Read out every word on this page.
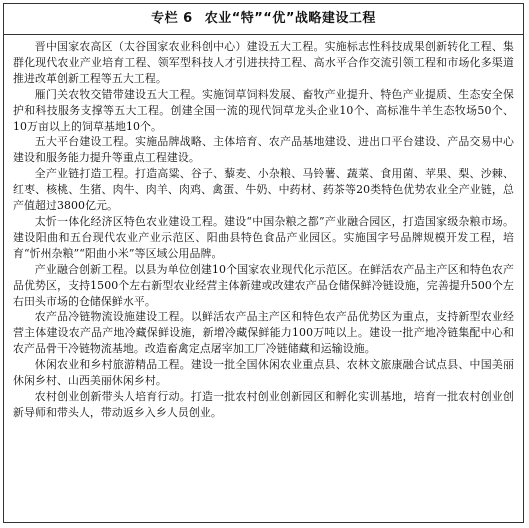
专栏 6 农业“特”“优”战略建设工程

晋中国家农高区（太谷国家农业科创中心）建设五大工程。实施标志性科技成果创新转化工程、集群化现代农业产业培育工程、领军型科技人才引进扶持工程、高水平合作交流引领工程和市场化多渠道推进改革创新工程等五大工程。

雁门关农牧交错带建设五大工程。实施饲草饲料发展、畜牧产业提升、特色产业提质、生态安全保护和科技服务支撑等五大工程。创建全国一流的现代饲草龙头企业10个、高标准牛羊生态牧场50个、10万亩以上的饲草基地10个。

五大平台建设工程。实施品牌战略、主体培育、农产品基地建设、进出口平台建设、产品交易中心建设和服务能力提升等重点工程建设。

全产业链打造工程。打造高粱、谷子、藜麦、小杂粮、马铃薯、蔬菜、食用菌、苹果、梨、沙棘、红枣、核桃、生猪、肉牛、肉羊、肉鸡、禽蛋、牛奶、中药材、药茶等20类特色优势农业全产业链，总产值超过3800亿元。

太忻一体化经济区特色农业建设工程。建设“中国杂粮之都”产业融合园区，打造国家级杂粮市场。建设阳曲和五台现代农业产业示范区、阳曲县特色食品产业园区。实施国字号品牌规模开发工程，培育“忻州杂粮”“阳曲小米”等区域公用品牌。

产业融合创新工程。以县为单位创建10个国家农业现代化示范区。在鲜活农产品主产区和特色农产品优势区，支持1500个左右新型农业经营主体新建或改建农产品仓储保鲜冷链设施，完善提升500个左右田头市场的仓储保鲜水平。

农产品冷链物流设施建设工程。以鲜活农产品主产区和特色农产品优势区为重点，支持新型农业经营主体建设农产品产地冷藏保鲜设施，新增冷藏保鲜能力100万吨以上。建设一批产地冷链集配中心和农产品骨干冷链物流基地。改造畜禽定点屠宰加工厂冷链储藏和运输设施。

休闲农业和乡村旅游精品工程。建设一批全国休闲农业重点县、农林文旅康融合试点县、中国美丽休闲乡村、山西美丽休闲乡村。

农村创业创新带头人培育行动。打造一批农村创业创新园区和孵化实训基地，培育一批农村创业创新导师和带头人，带动返乡入乡人员创业。
